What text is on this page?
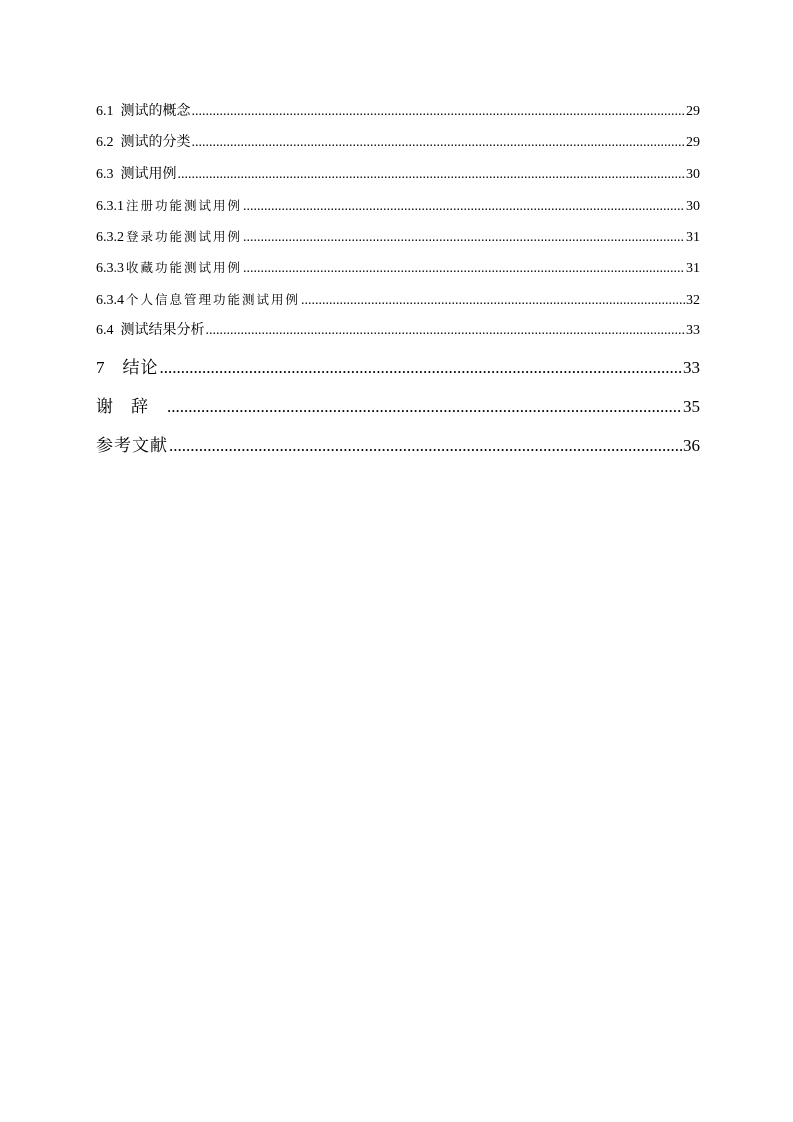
6.1 测试的概念 .....	29
6.2 测试的分类 .....	29
6.3 测试用例 .....	30
6.3.1 注册功能测试用例 .....	30
6.3.2 登录功能测试用例 .....	31
6.3.3 收藏功能测试用例 .....	31
6.3.4 个人信息管理功能测试用例 .....	32
6.4 测试结果分析 .....	33
7 结论 .....	33
谢辞 .....	35
参考文献 .....	36
